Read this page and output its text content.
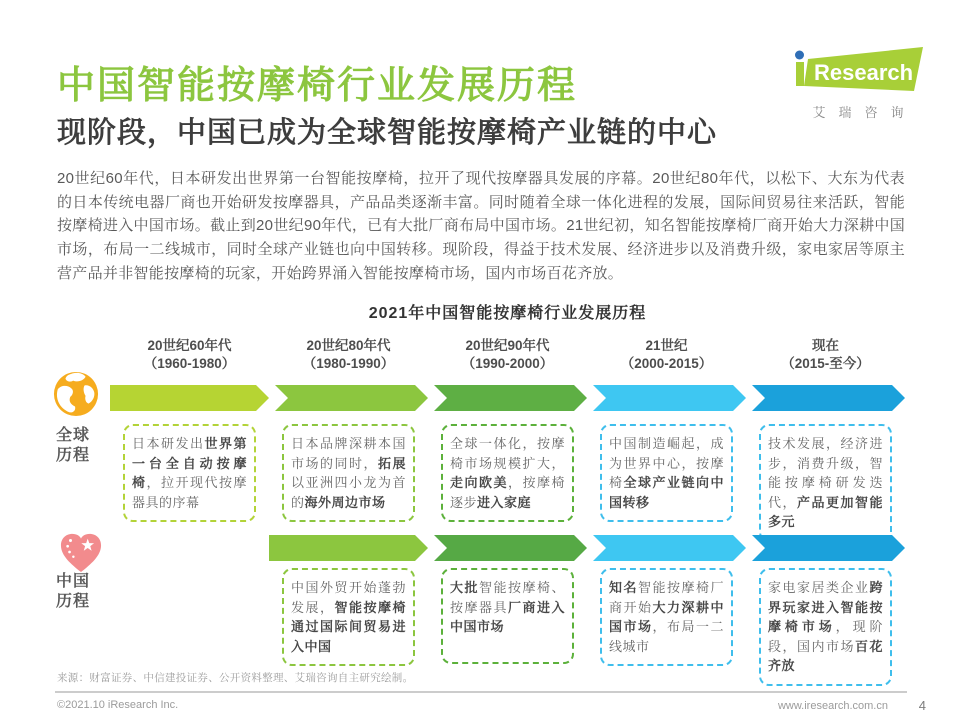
Research
艾瑞咨询
中国智能按摩椅行业发展历程
现阶段，中国已成为全球智能按摩椅产业链的中心
20世纪60年代，日本研发出世界第一台智能按摩椅，拉开了现代按摩器具发展的序幕。20世纪80年代，以松下、大东为代表的日本传统电器厂商也开始研发按摩器具，产品品类逐渐丰富。同时随着全球一体化进程的发展，国际间贸易往来活跃，智能按摩椅进入中国市场。截止到20世纪90年代，已有大批厂商布局中国市场。21世纪初，知名智能按摩椅厂商开始大力深耕中国市场，布局一二线城市，同时全球产业链也向中国转移。现阶段，得益于技术发展、经济进步以及消费升级，家电家居等原主营产品并非智能按摩椅的玩家，开始跨界涌入智能按摩椅市场，国内市场百花齐放。
2021年中国智能按摩椅行业发展历程
20世纪60年代
（1960-1980）
20世纪80年代
（1980-1990）
20世纪90年代
（1990-2000）
21世纪
（2000-2015）
现在
（2015-至今）
全球历程
日本研发出世界第一台全自动按摩椅，拉开现代按摩器具的序幕
日本品牌深耕本国市场的同时，拓展以亚洲四小龙为首的海外周边市场
全球一体化，按摩椅市场规模扩大，走向欧美，按摩椅逐步进入家庭
中国制造崛起，成为世界中心，按摩椅全球产业链向中国转移
技术发展，经济进步，消费升级，智能按摩椅研发迭代，产品更加智能多元
中国历程
中国外贸开始蓬勃发展，智能按摩椅通过国际间贸易进入中国
大批智能按摩椅、按摩器具厂商进入中国市场
知名智能按摩椅厂商开始大力深耕中国市场，布局一二线城市
家电家居类企业跨界玩家进入智能按摩椅市场，现阶段，国内市场百花齐放
来源：财富证券、中信建投证券、公开资料整理、艾瑞咨询自主研究绘制。
©2021.10 iResearch Inc.	www.iresearch.com.cn 4
